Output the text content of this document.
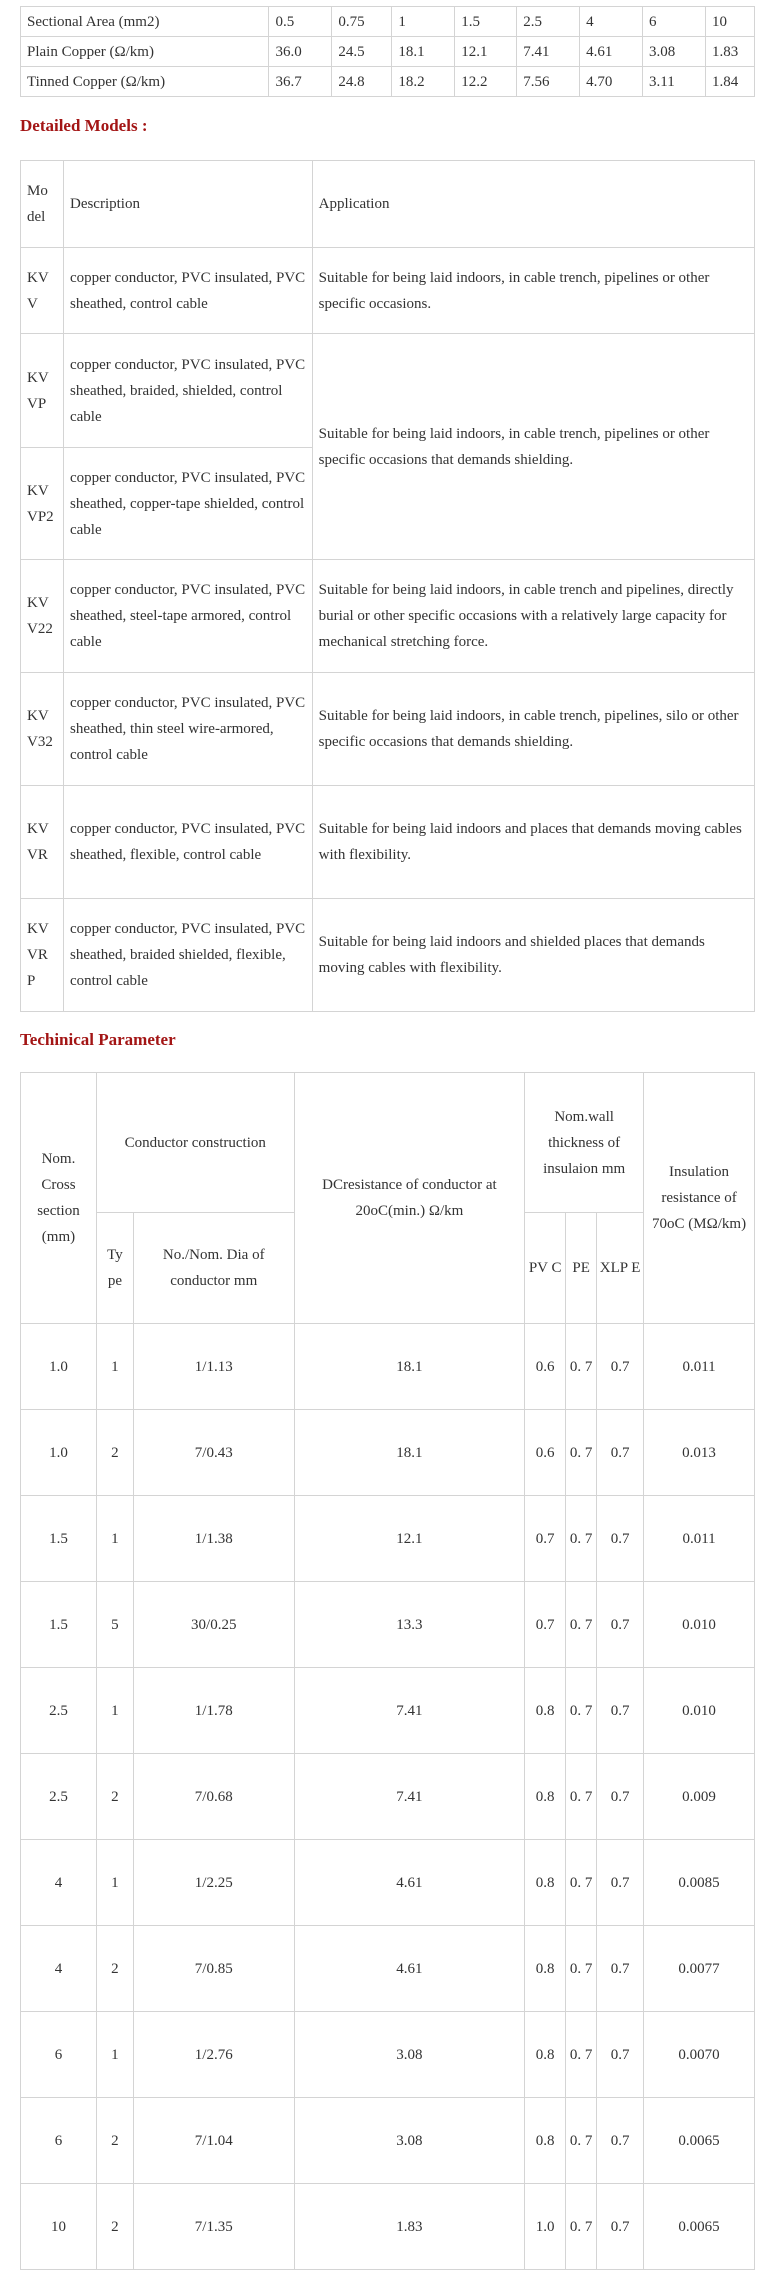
Sectional Area (mm2)	0.5	0.75	1	1.5	2.5	4	6	10
Plain Copper (Ω/km)	36.0	24.5	18.1	12.1	7.41	4.61	3.08	1.83
Tinned Copper (Ω/km)	36.7	24.8	18.2	12.2	7.56	4.70	3.11	1.84
Detailed Models :
Mo del	Description	Application
KV V	copper conductor, PVC insulated, PVC sheathed, control cable	Suitable for being laid indoors, in cable trench, pipelines or other specific occasions.
KV VP	copper conductor, PVC insulated, PVC sheathed, braided, shielded, control cable	Suitable for being laid indoors, in cable trench, pipelines or other specific occasions that demands shielding.
KV VP2	copper conductor, PVC insulated, PVC sheathed, copper-tape shielded, control cable	
KV V22	copper conductor, PVC insulated, PVC sheathed, steel-tape armored, control cable	Suitable for being laid indoors, in cable trench and pipelines, directly burial or other specific occasions with a relatively large capacity for mechanical stretching force.
KV V32	copper conductor, PVC insulated, PVC sheathed, thin steel wire-armored, control cable	Suitable for being laid indoors, in cable trench, pipelines, silo or other specific occasions that demands shielding.
KV VR	copper conductor, PVC insulated, PVC sheathed, flexible, control cable	Suitable for being laid indoors and places that demands moving cables with flexibility.
KV VR P	copper conductor, PVC insulated, PVC sheathed, braided shielded, flexible, control cable	Suitable for being laid indoors and shielded places that demands moving cables with flexibility.
Techinical Parameter
Nom. Cross section (mm)	Conductor construction		DCresistance of conductor at 20oC(min.) Ω/km	Nom.wall thickness of insulaion mm			Insulation resistance of 70oC (MΩ/km)
	Ty pe	No./Nom. Dia of conductor mm		PV C	PE	XLP E	
1.0	1	1/1.13	18.1	0.6	0. 7	0.7	0.011
1.0	2	7/0.43	18.1	0.6	0. 7	0.7	0.013
1.5	1	1/1.38	12.1	0.7	0. 7	0.7	0.011
1.5	5	30/0.25	13.3	0.7	0. 7	0.7	0.010
2.5	1	1/1.78	7.41	0.8	0. 7	0.7	0.010
2.5	2	7/0.68	7.41	0.8	0. 7	0.7	0.009
4	1	1/2.25	4.61	0.8	0. 7	0.7	0.0085
4	2	7/0.85	4.61	0.8	0. 7	0.7	0.0077
6	1	1/2.76	3.08	0.8	0. 7	0.7	0.0070
6	2	7/1.04	3.08	0.8	0. 7	0.7	0.0065
10	2	7/1.35	1.83	1.0	0. 7	0.7	0.0065
